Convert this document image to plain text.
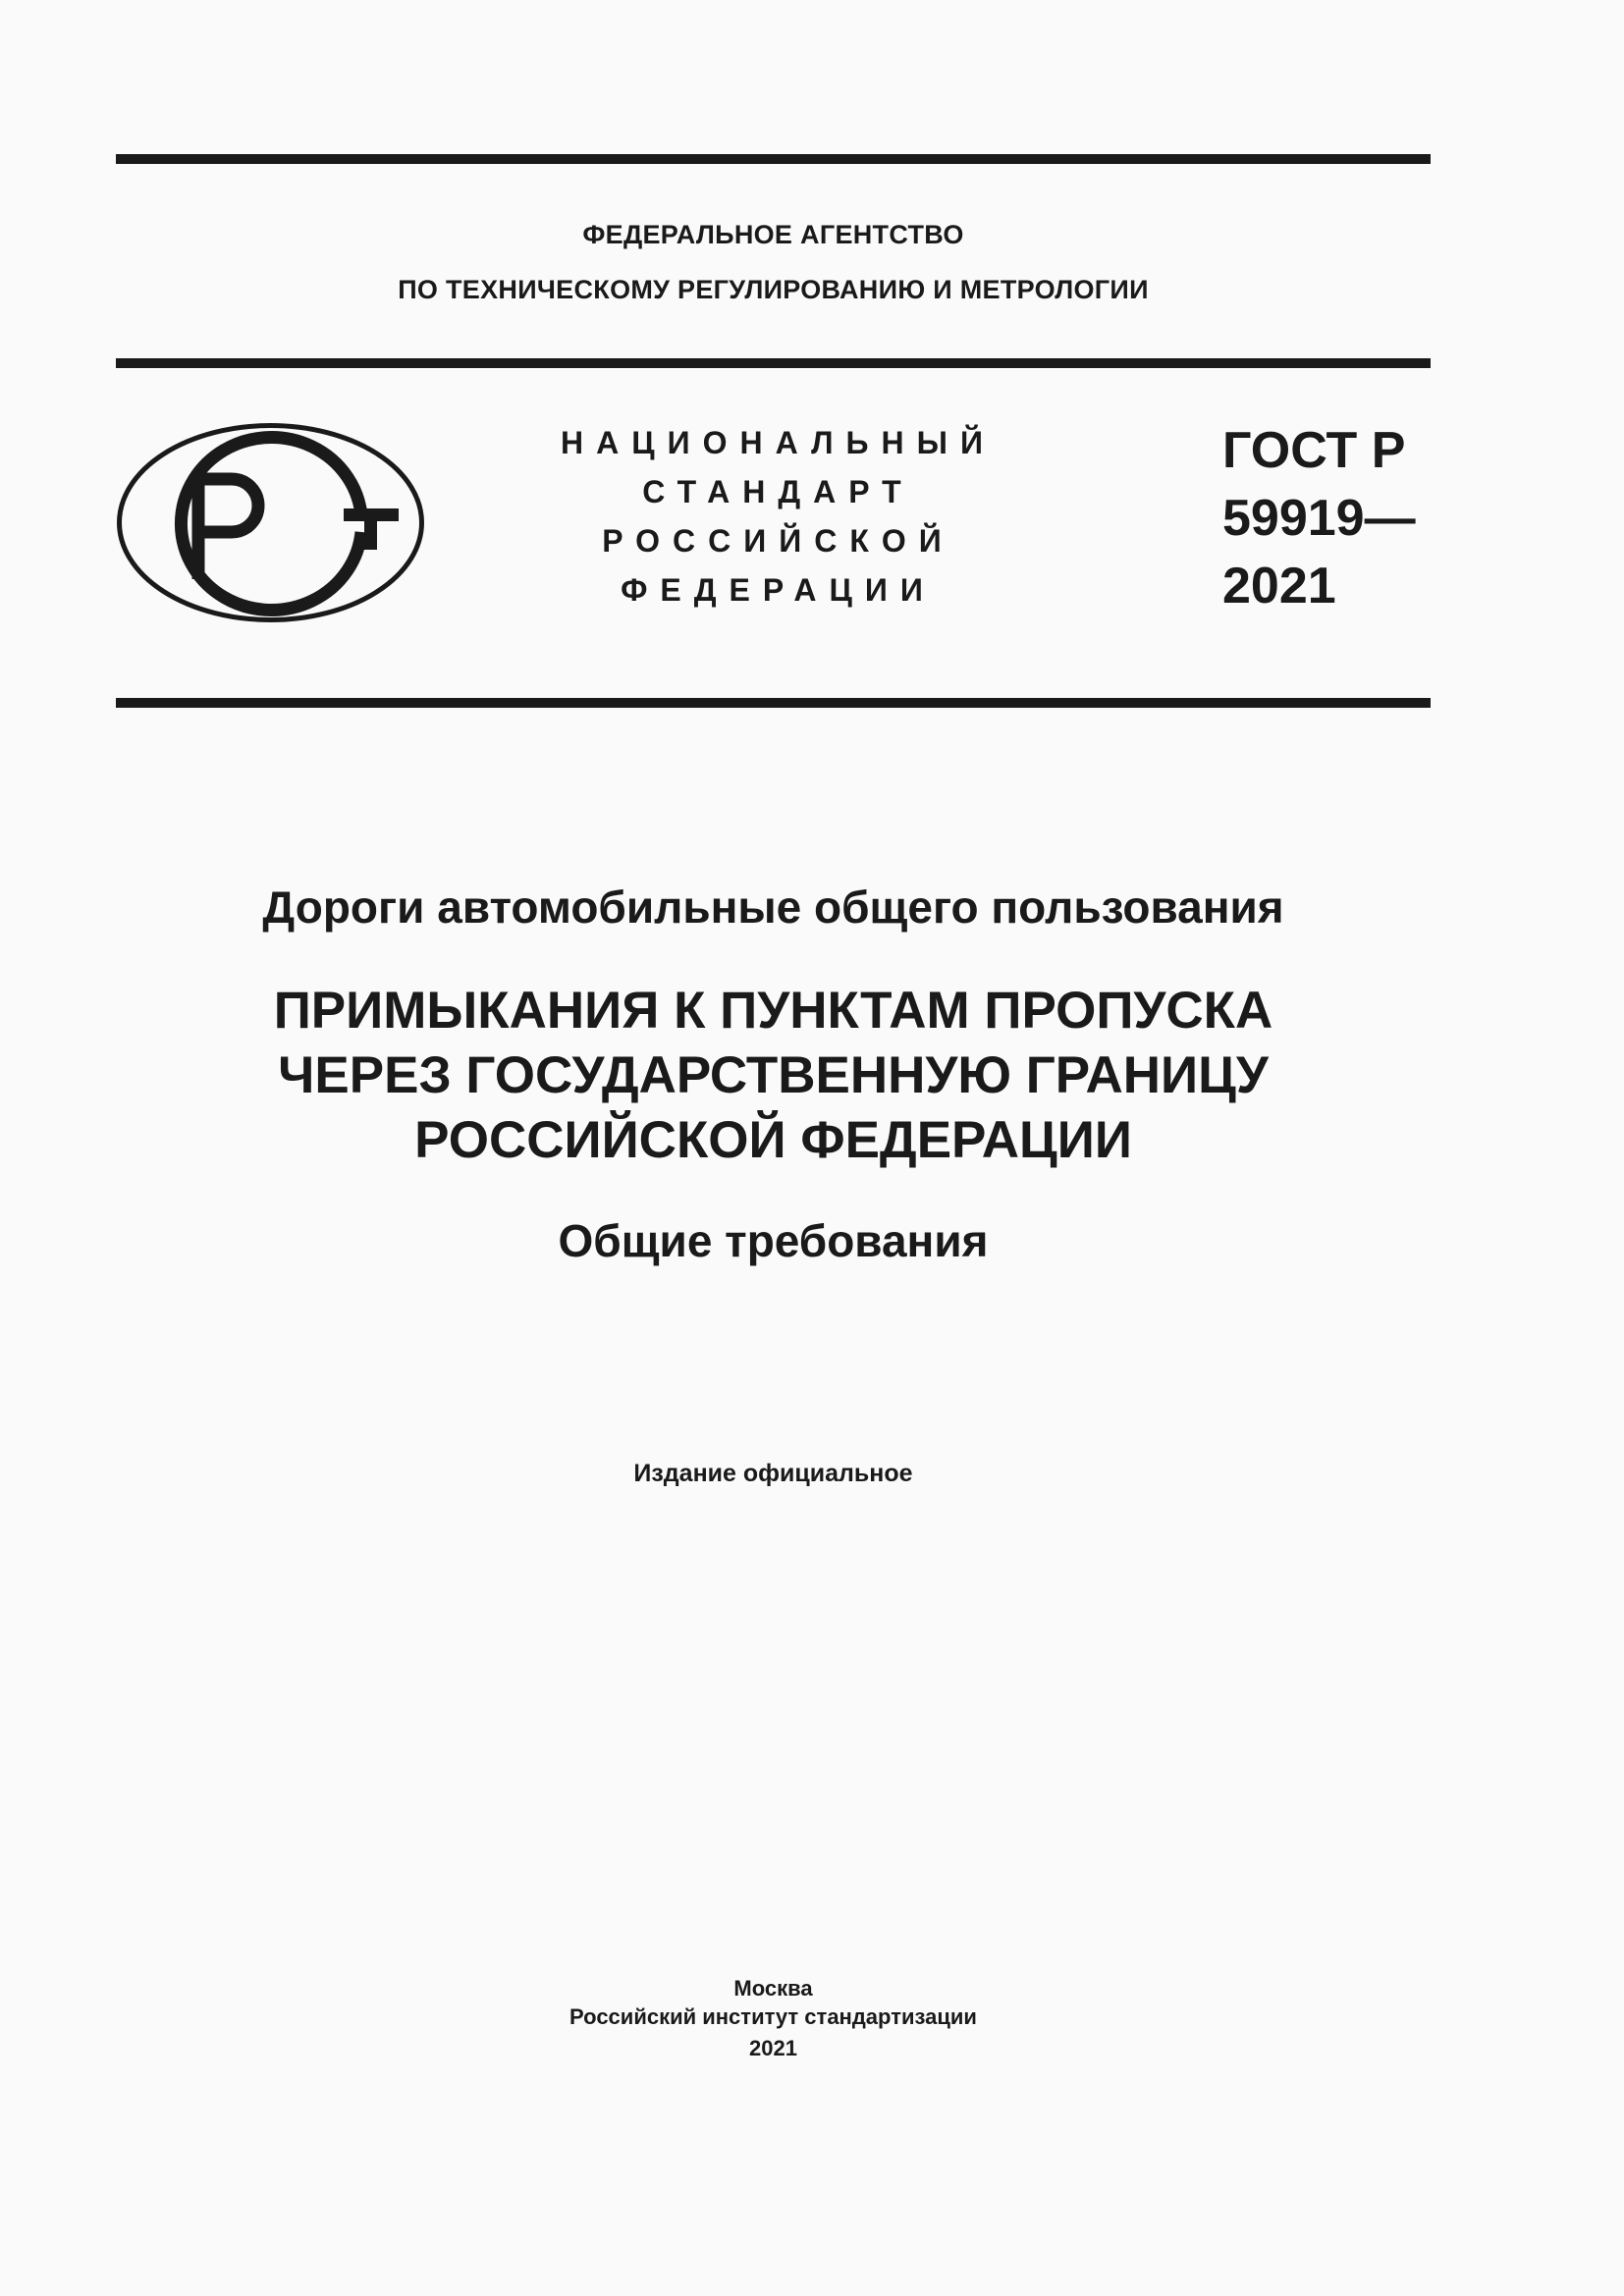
ФЕДЕРАЛЬНОЕ АГЕНТСТВО
ПО ТЕХНИЧЕСКОМУ РЕГУЛИРОВАНИЮ И МЕТРОЛОГИИ
НАЦИОНАЛЬНЫЙ
СТАНДАРТ
РОССИЙСКОЙ
ФЕДЕРАЦИИ
ГОСТ Р
59919—
2021
Дороги автомобильные общего пользования
ПРИМЫКАНИЯ К ПУНКТАМ ПРОПУСКА
ЧЕРЕЗ ГОСУДАРСТВЕННУЮ ГРАНИЦУ
РОССИЙСКОЙ ФЕДЕРАЦИИ
Общие требования
Издание официальное
Москва
Российский институт стандартизации
2021
